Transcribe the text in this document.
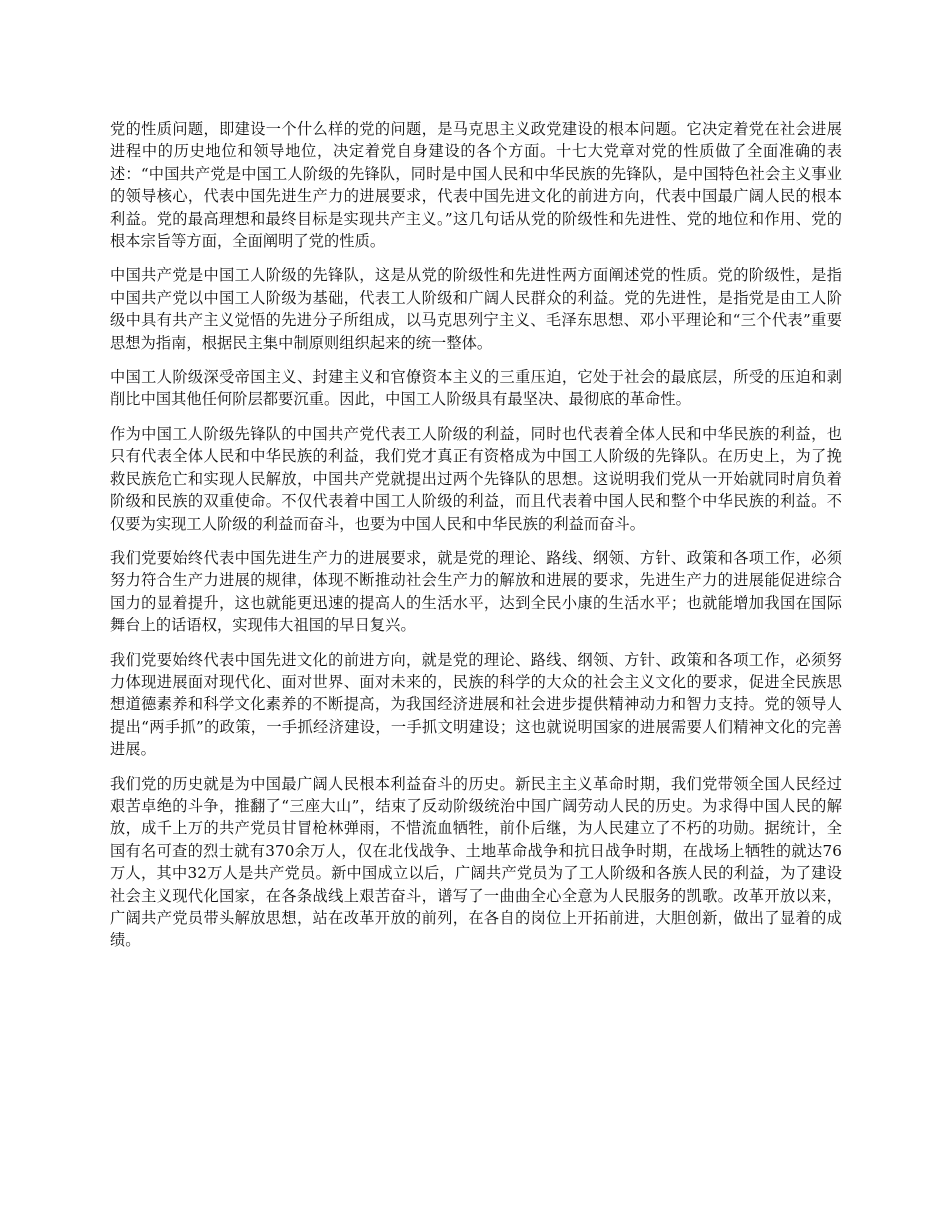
党的性质问题，即建设一个什么样的党的问题，是马克思主义政党建设的根本问题。它决定着党在社会进展进程中的历史地位和领导地位，决定着党自身建设的各个方面。十七大党章对党的性质做了全面准确的表述：“中国共产党是中国工人阶级的先锋队，同时是中国人民和中华民族的先锋队，是中国特色社会主义事业的领导核心，代表中国先进生产力的进展要求，代表中国先进文化的前进方向，代表中国最广阔人民的根本利益。党的最高理想和最终目标是实现共产主义。”这几句话从党的阶级性和先进性、党的地位和作用、党的根本宗旨等方面，全面阐明了党的性质。

中国共产党是中国工人阶级的先锋队，这是从党的阶级性和先进性两方面阐述党的性质。党的阶级性，是指中国共产党以中国工人阶级为基础，代表工人阶级和广阔人民群众的利益。党的先进性，是指党是由工人阶级中具有共产主义觉悟的先进分子所组成，以马克思列宁主义、毛泽东思想、邓小平理论和“三个代表”重要思想为指南，根据民主集中制原则组织起来的统一整体。

中国工人阶级深受帝国主义、封建主义和官僚资本主义的三重压迫，它处于社会的最底层，所受的压迫和剥削比中国其他任何阶层都要沉重。因此，中国工人阶级具有最坚决、最彻底的革命性。

作为中国工人阶级先锋队的中国共产党代表工人阶级的利益，同时也代表着全体人民和中华民族的利益，也只有代表全体人民和中华民族的利益，我们党才真正有资格成为中国工人阶级的先锋队。在历史上，为了挽救民族危亡和实现人民解放，中国共产党就提出过两个先锋队的思想。这说明我们党从一开始就同时肩负着阶级和民族的双重使命。不仅代表着中国工人阶级的利益，而且代表着中国人民和整个中华民族的利益。不仅要为实现工人阶级的利益而奋斗，也要为中国人民和中华民族的利益而奋斗。

我们党要始终代表中国先进生产力的进展要求，就是党的理论、路线、纲领、方针、政策和各项工作，必须努力符合生产力进展的规律，体现不断推动社会生产力的解放和进展的要求，先进生产力的进展能促进综合国力的显着提升，这也就能更迅速的提高人的生活水平，达到全民小康的生活水平；也就能增加我国在国际舞台上的话语权，实现伟大祖国的早日复兴。

我们党要始终代表中国先进文化的前进方向，就是党的理论、路线、纲领、方针、政策和各项工作，必须努力体现进展面对现代化、面对世界、面对未来的，民族的科学的大众的社会主义文化的要求，促进全民族思想道德素养和科学文化素养的不断提高，为我国经济进展和社会进步提供精神动力和智力支持。党的领导人提出“两手抓”的政策，一手抓经济建设，一手抓文明建设；这也就说明国家的进展需要人们精神文化的完善进展。

我们党的历史就是为中国最广阔人民根本利益奋斗的历史。新民主主义革命时期，我们党带领全国人民经过艰苦卓绝的斗争，推翻了“三座大山”，结束了反动阶级统治中国广阔劳动人民的历史。为求得中国人民的解放，成千上万的共产党员甘冒枪林弹雨，不惜流血牺牲，前仆后继，为人民建立了不朽的功勋。据统计，全国有名可查的烈士就有370余万人，仅在北伐战争、土地革命战争和抗日战争时期，在战场上牺牲的就达76万人，其中32万人是共产党员。新中国成立以后，广阔共产党员为了工人阶级和各族人民的利益，为了建设社会主义现代化国家，在各条战线上艰苦奋斗，谱写了一曲曲全心全意为人民服务的凯歌。改革开放以来，广阔共产党员带头解放思想，站在改革开放的前列，在各自的岗位上开拓前进，大胆创新，做出了显着的成绩。
